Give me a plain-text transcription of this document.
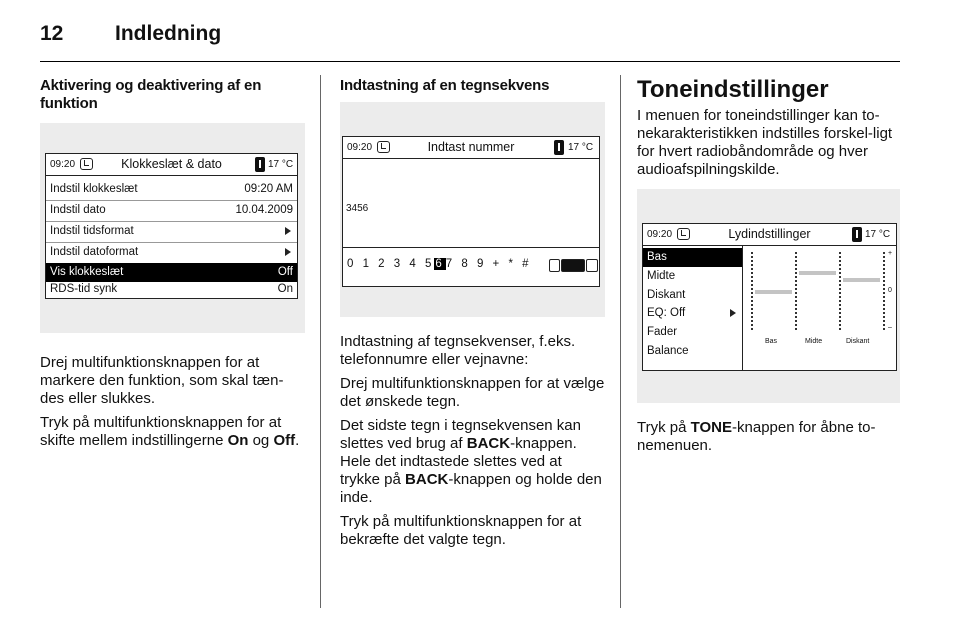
12 Indledning
Aktivering og deaktivering af en funktion
09:20	Klokkeslæt & dato	17 °C
Indstil klokkeslæt	09:20 AM
Indstil dato	10.04.2009
Indstil tidsformat
Indstil datoformat
Vis klokkeslæt	Off
RDS-tid synk	On

Drej multifunktionsknappen for at markere den funktion, som skal tæn-des eller slukkes.

Tryk på multifunktionsknappen for at skifte mellem indstillingerne On og Off.

Indtastning af en tegnsekvens
09:20	Indtast nummer	17 °C
3456
0 1 2 3 4 567 8 9 + * #

Indtastning af tegnsekvenser, f.eks. telefonnumre eller vejnavne:

Drej multifunktionsknappen for at vælge det ønskede tegn.

Det sidste tegn i tegnsekvensen kan slettes ved brug af BACK-knappen. Hele det indtastede slettes ved at trykke på BACK-knappen og holde den inde.

Tryk på multifunktionsknappen for at bekræfte det valgte tegn.

Toneindstillinger

I menuen for toneindstillinger kan to-nekarakteristikken indstilles forskel-ligt for hvert radiobåndområde og hver audioafspilningskilde.

09:20	Lydindstillinger	17 °C
Bas
Midte
Diskant
EQ: Off
Fader
Balance
+
0
–
Bas	Midte	Diskant

Tryk på TONE-knappen for åbne to-nemenuen.
